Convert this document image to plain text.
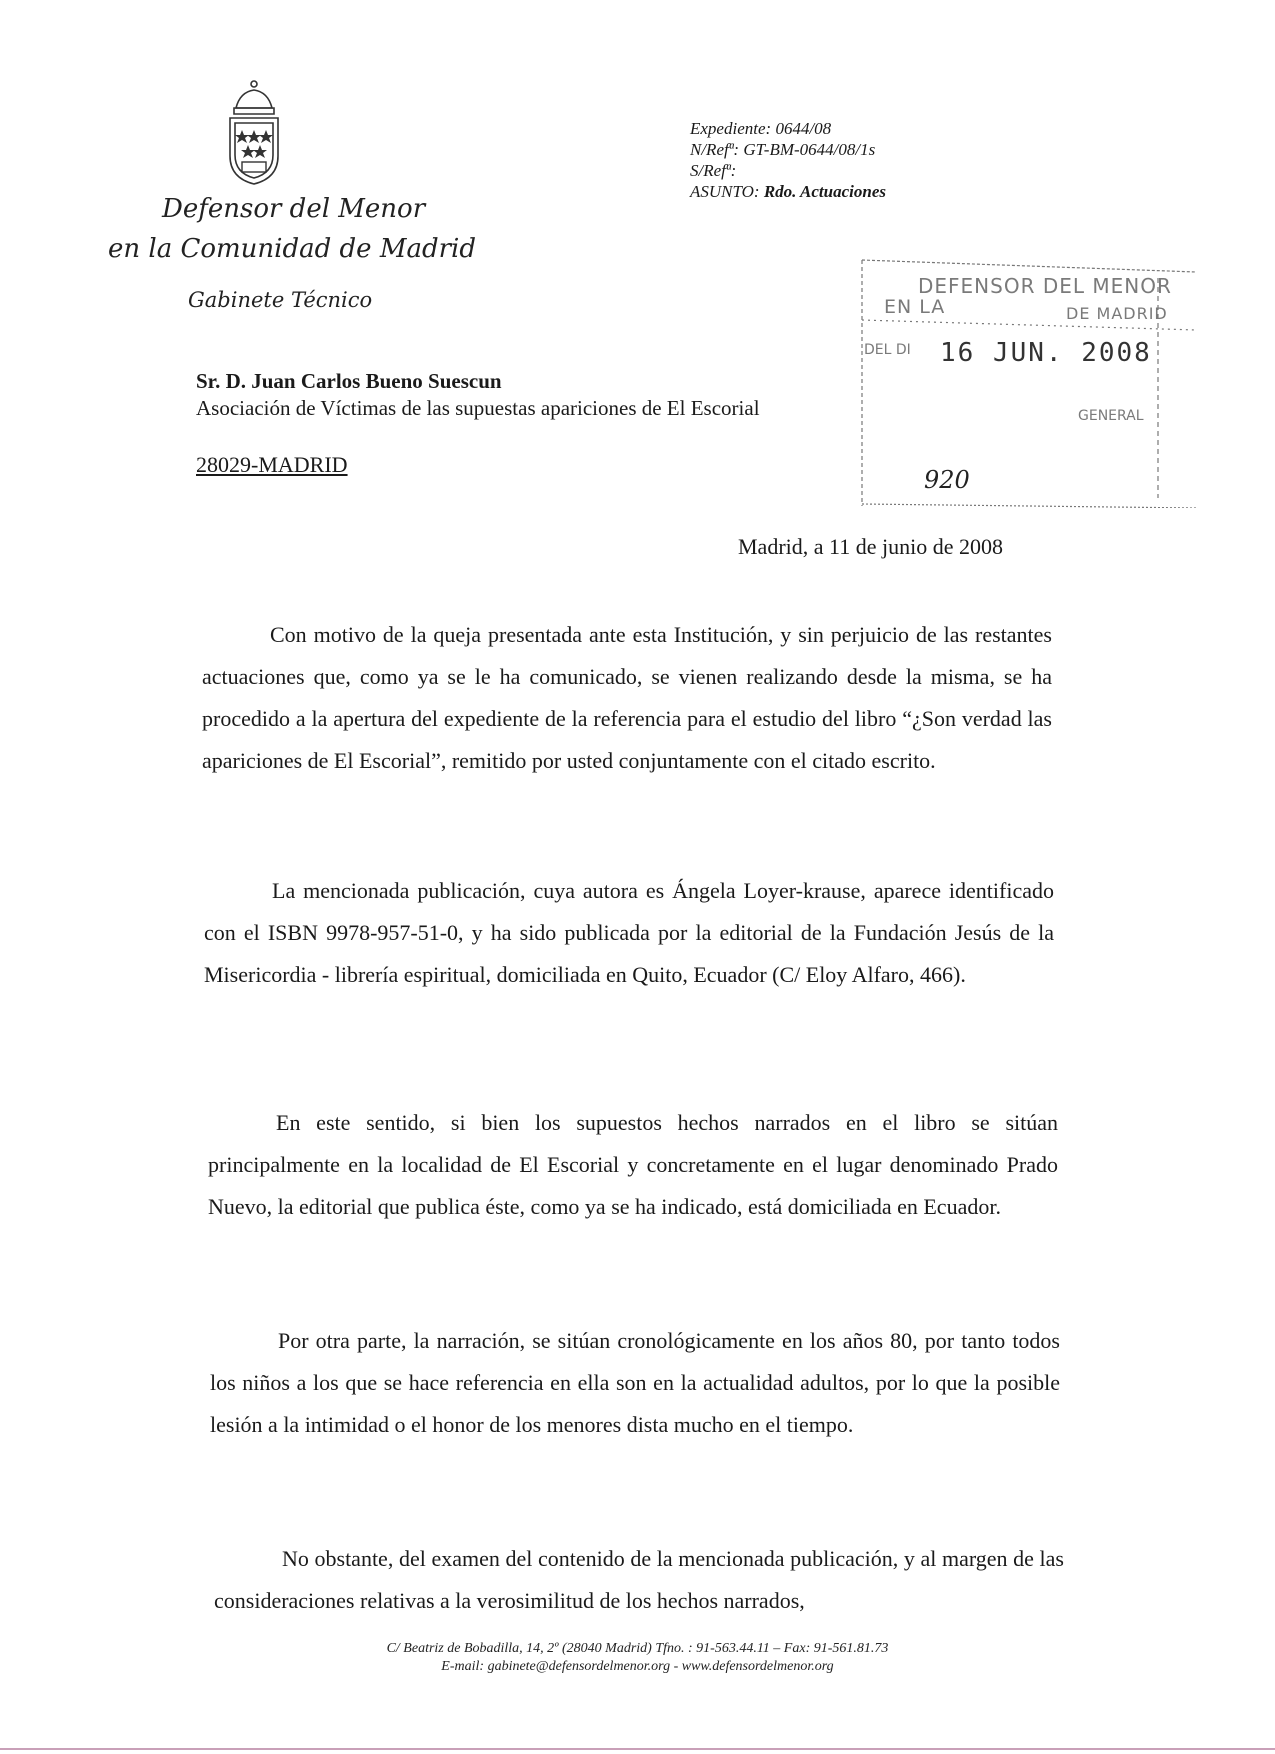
Defensor del Menor
en la Comunidad de Madrid
Gabinete Técnico
Expediente: 0644/08
N/Refª: GT-BM-0644/08/1s
S/Refª:
ASUNTO: Rdo. Actuaciones
DEFENSOR DEL MENOR
EN LA	DE MADRID
DEL DI 16 JUN. 2008
GENERAL
920
Sr. D. Juan Carlos Bueno Suescun
Asociación de Víctimas de las supuestas apariciones de El Escorial
28029-MADRID
Madrid, a 11 de junio de 2008
Con motivo de la queja presentada ante esta Institución, y sin perjuicio de las restantes actuaciones que, como ya se le ha comunicado, se vienen realizando desde la misma, se ha procedido a la apertura del expediente de la referencia para el estudio del libro “¿Son verdad las apariciones de El Escorial”, remitido por usted conjuntamente con el citado escrito.
La mencionada publicación, cuya autora es Ángela Loyer-krause, aparece identificado con el ISBN 9978-957-51-0, y ha sido publicada por la editorial de la Fundación Jesús de la Misericordia - librería espiritual, domiciliada en Quito, Ecuador (C/ Eloy Alfaro, 466).
En este sentido, si bien los supuestos hechos narrados en el libro se sitúan principalmente en la localidad de El Escorial y concretamente en el lugar denominado Prado Nuevo, la editorial que publica éste, como ya se ha indicado, está domiciliada en Ecuador.
Por otra parte, la narración, se sitúan cronológicamente en los años 80, por tanto todos los niños a los que se hace referencia en ella son en la actualidad adultos, por lo que la posible lesión a la intimidad o el honor de los menores dista mucho en el tiempo.
No obstante, del examen del contenido de la mencionada publicación, y al margen de las consideraciones relativas a la verosimilitud de los hechos narrados,
C/ Beatriz de Bobadilla, 14, 2º (28040 Madrid) Tfno. : 91-563.44.11 – Fax: 91-561.81.73
E-mail: gabinete@defensordelmenor.org - www.defensordelmenor.org
